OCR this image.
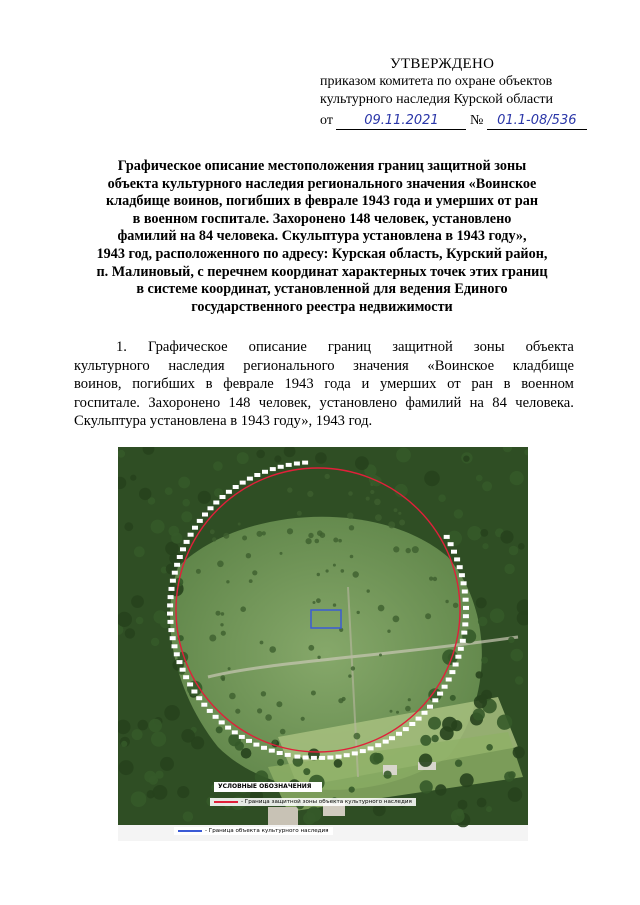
УТВЕРЖДЕНО
приказом комитета по охране объектов
культурного наследия Курской области
от 09.11.2021 № 01.1-08/536
Графическое описание местоположения границ защитной зоны
объекта культурного наследия регионального значения «Воинское
кладбище воинов, погибших в феврале 1943 года и умерших от ран
в военном госпитале. Захоронено 148 человек, установлено
фамилий на 84 человека. Скульптура установлена в 1943 году»,
1943 год, расположенного по адресу: Курская область, Курский район,
п. Малиновый, с перечнем координат характерных точек этих границ
в системе координат, установленной для ведения Единого
государственного реестра недвижимости
1. Графическое описание границ защитной зоны объекта
культурного наследия регионального значения «Воинское кладбище
воинов, погибших в феврале 1943 года и умерших от ран в военном
госпитале. Захоронено 148 человек, установлено фамилий на 84 человека.
Скульптура установлена в 1943 году», 1943 год.
УСЛОВНЫЕ ОБОЗНАЧЕНИЯ
- Граница защитной зоны объекта культурного наследия
- Граница объекта культурного наследия
